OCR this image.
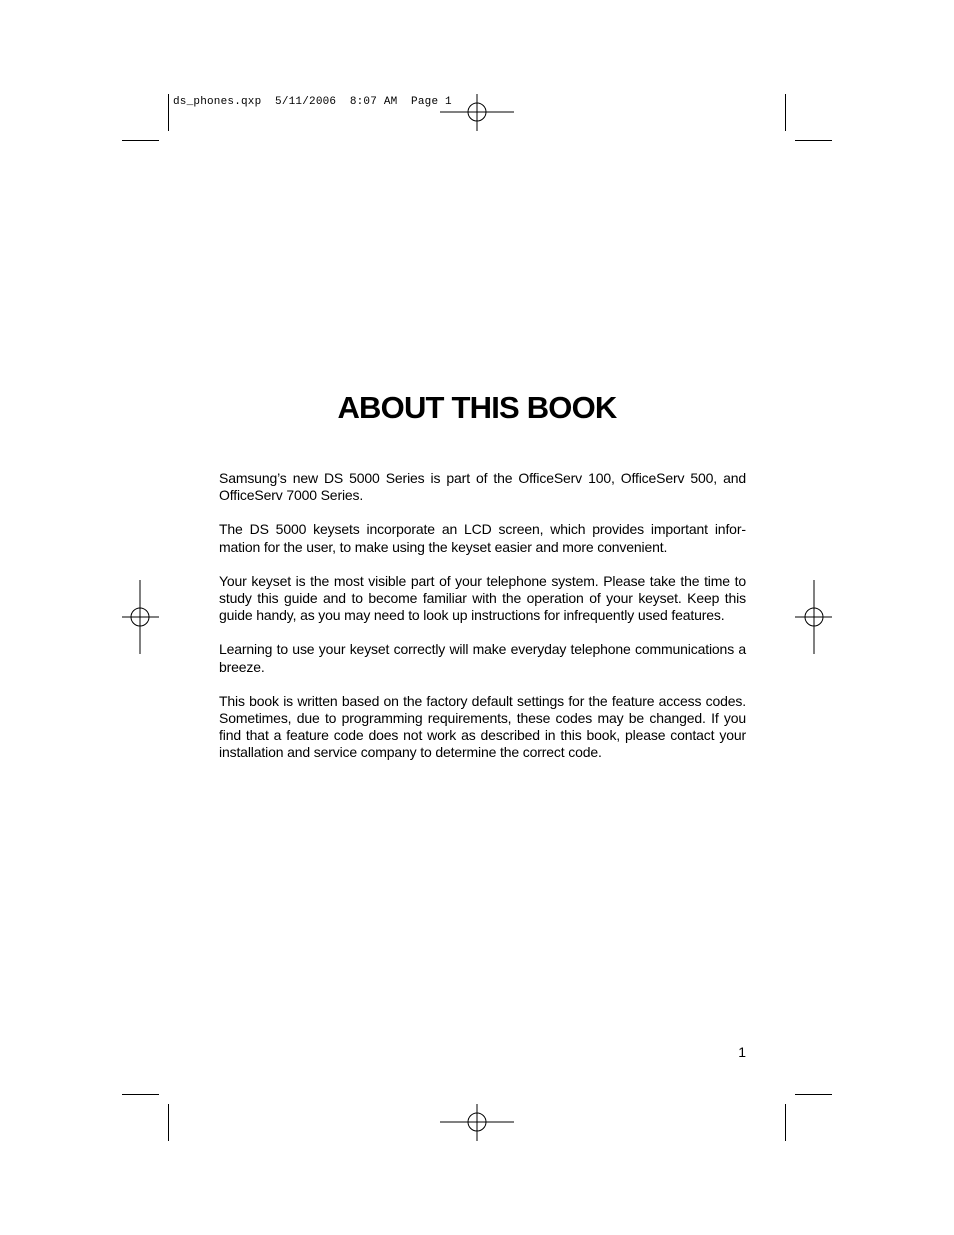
ds_phones.qxp  5/11/2006  8:07 AM  Page 1
ABOUT THIS BOOK

Samsung’s new DS 5000 Series is part of the OfficeServ 100, OfficeServ 500, and OfficeServ 7000 Series.

The DS 5000 keysets incorporate an LCD screen, which provides important information for the user, to make using the keyset easier and more convenient.

Your keyset is the most visible part of your telephone system. Please take the time to study this guide and to become familiar with the operation of your keyset. Keep this guide handy, as you may need to look up instructions for infrequently used features.

Learning to use your keyset correctly will make everyday telephone communications a breeze.

This book is written based on the factory default settings for the feature access codes. Sometimes, due to programming requirements, these codes may be changed. If you find that a feature code does not work as described in this book, please contact your installation and service company to determine the correct code.

1
